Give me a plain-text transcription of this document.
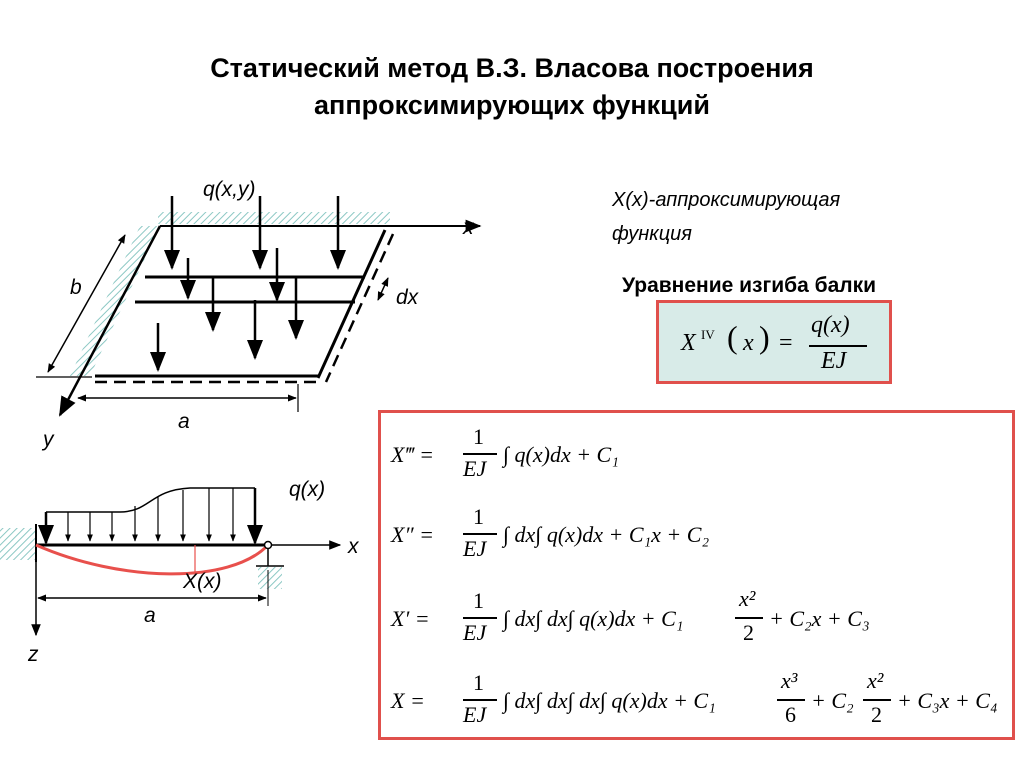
Статический метод В.З. Власова построения
аппроксимирующих функций
q(x,y)
x
b	dx
a
y
q(x)
x
X(x)
a
z
X(x)-аппроксимирующая
функция
Уравнение изгиба балки
X IV ( x ) =
q(x)
EJ
X‴ =
1
EJ
∫ q(x)dx + C₁
X″ =
1
EJ
∫ dx∫ q(x)dx + C₁x + C₂
X′ =
1
EJ
∫ dx∫ dx∫ q(x)dx + C₁
x²
2
+ C₂x + C₃
X =
1
EJ
∫ dx∫ dx∫ dx∫ q(x)dx + C₁
x³
6
+ C₂
x²
2
+ C₃x + C₄
